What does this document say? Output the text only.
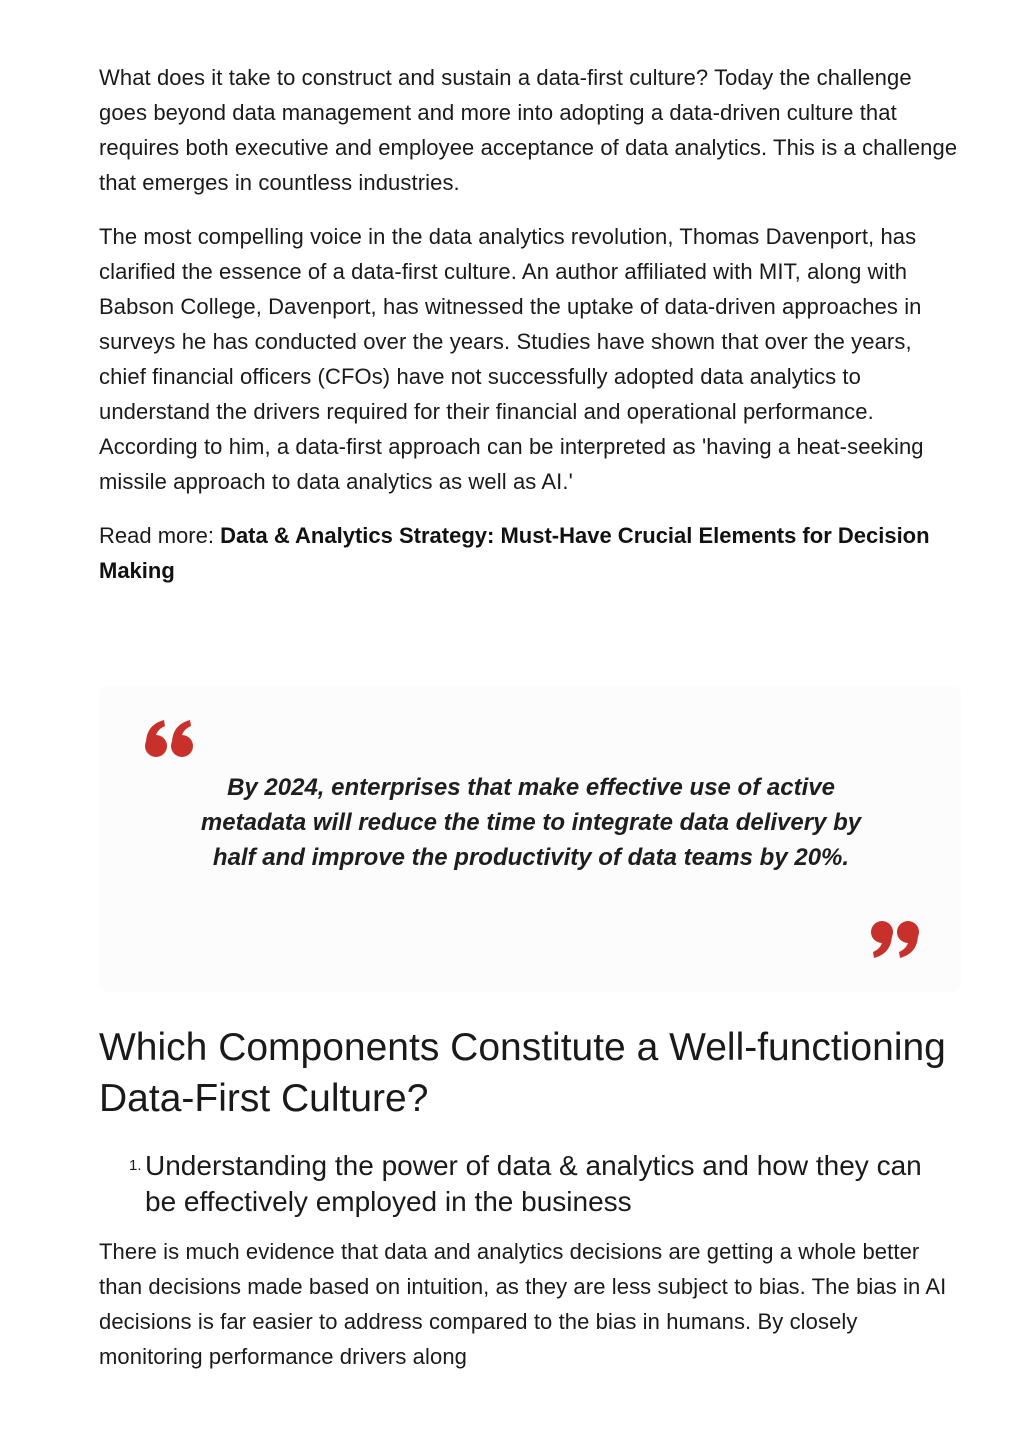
What does it take to construct and sustain a data-first culture? Today the challenge goes beyond data management and more into adopting a data-driven culture that requires both executive and employee acceptance of data analytics. This is a challenge that emerges in countless industries.

The most compelling voice in the data analytics revolution, Thomas Davenport, has clarified the essence of a data-first culture. An author affiliated with MIT, along with Babson College, Davenport, has witnessed the uptake of data-driven approaches in surveys he has conducted over the years. Studies have shown that over the years, chief financial officers (CFOs) have not successfully adopted data analytics to understand the drivers required for their financial and operational performance. According to him, a data-first approach can be interpreted as 'having a heat-seeking missile approach to data analytics as well as AI.'

Read more: Data & Analytics Strategy: Must-Have Crucial Elements for Decision Making

By 2024, enterprises that make effective use of active metadata will reduce the time to integrate data delivery by half and improve the productivity of data teams by 20%.
Which Components Constitute a Well-functioning Data-First Culture?
1. Understanding the power of data & analytics and how they can be effectively employed in the business

There is much evidence that data and analytics decisions are getting a whole better than decisions made based on intuition, as they are less subject to bias. The bias in AI decisions is far easier to address compared to the bias in humans. By closely monitoring performance drivers along
